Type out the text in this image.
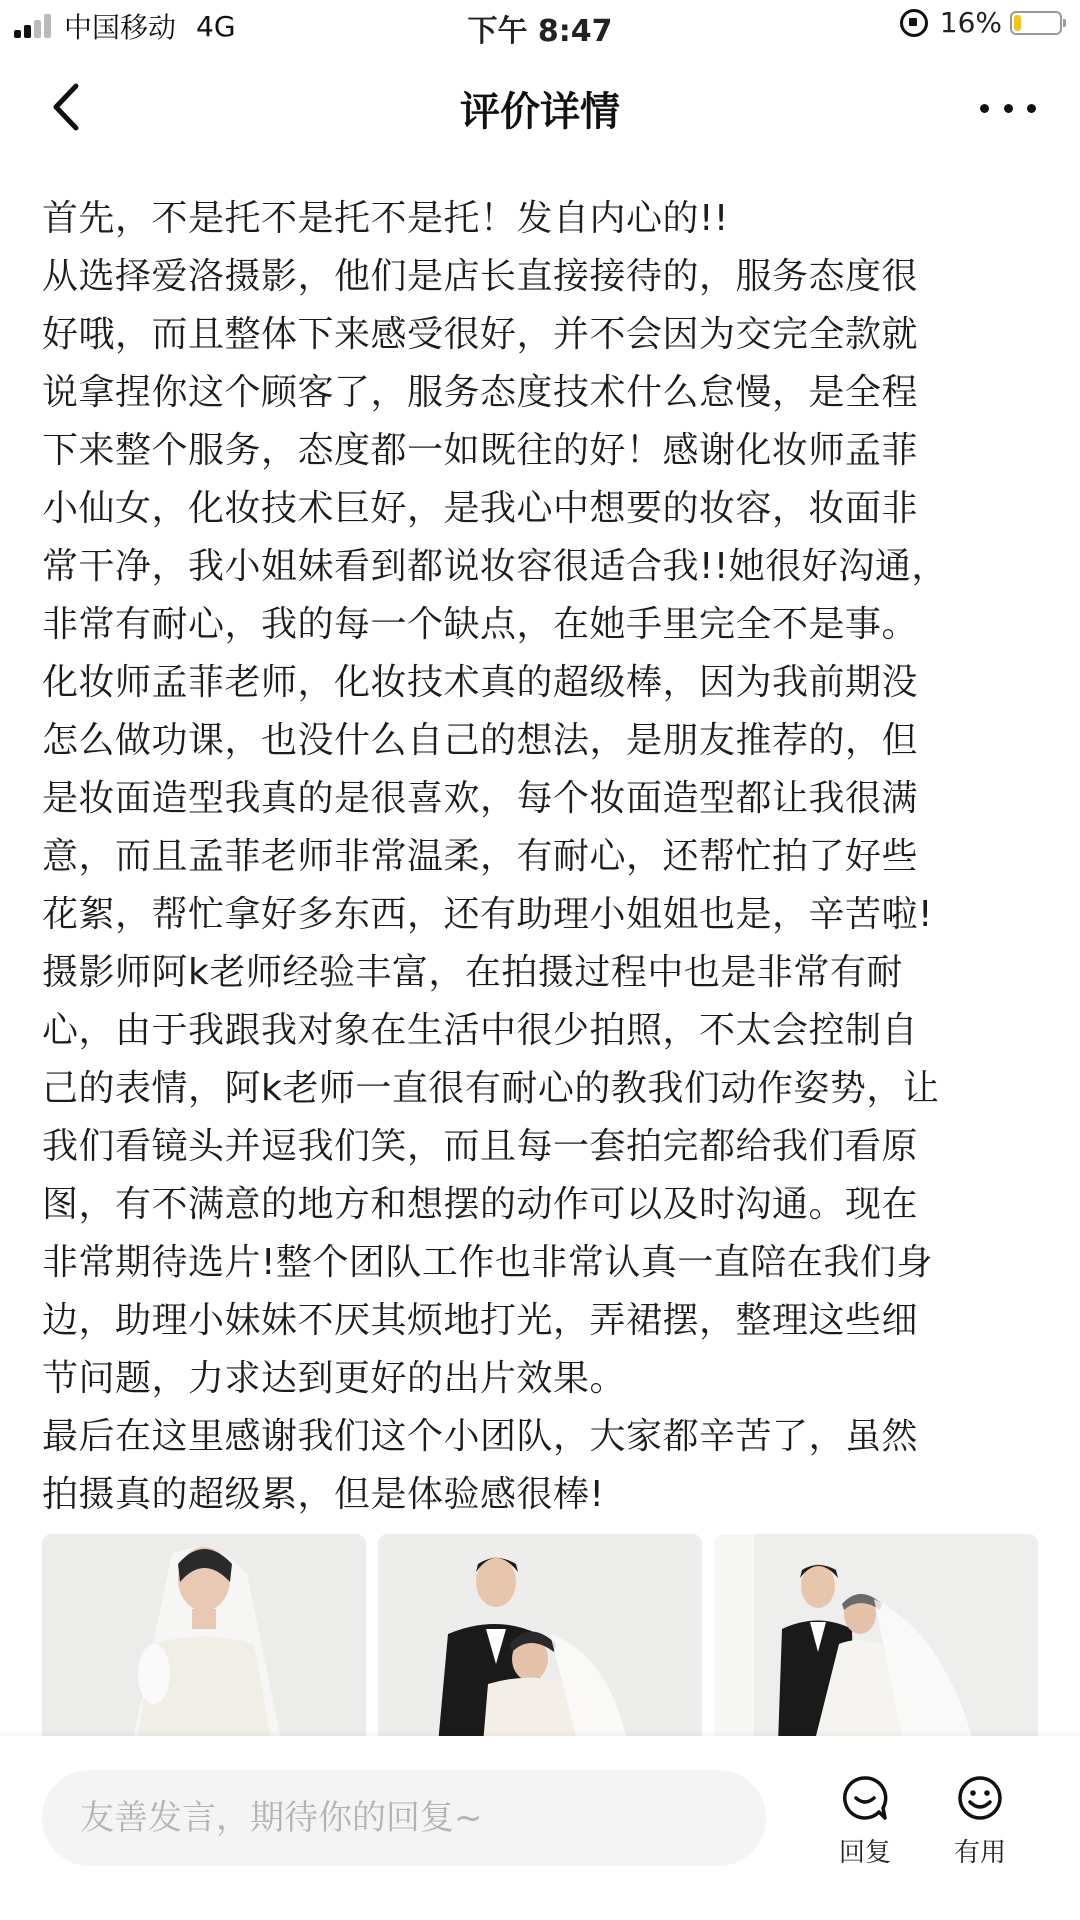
中国移动 4G	下午 8:47	16%
评价详情
首先，不是托不是托不是托！发自内心的!!
从选择爱洛摄影，他们是店长直接接待的，服务态度很
好哦，而且整体下来感受很好，并不会因为交完全款就
说拿捏你这个顾客了，服务态度技术什么怠慢，是全程
下来整个服务，态度都一如既往的好！感谢化妆师孟菲
小仙女，化妆技术巨好，是我心中想要的妆容，妆面非
常干净，我小姐妹看到都说妆容很适合我!!她很好沟通，
非常有耐心，我的每一个缺点，在她手里完全不是事。
化妆师孟菲老师，化妆技术真的超级棒，因为我前期没
怎么做功课，也没什么自己的想法，是朋友推荐的，但
是妆面造型我真的是很喜欢，每个妆面造型都让我很满
意，而且孟菲老师非常温柔，有耐心，还帮忙拍了好些
花絮，帮忙拿好多东西，还有助理小姐姐也是，辛苦啦!
摄影师阿k老师经验丰富，在拍摄过程中也是非常有耐
心，由于我跟我对象在生活中很少拍照，不太会控制自
己的表情，阿k老师一直很有耐心的教我们动作姿势，让
我们看镜头并逗我们笑，而且每一套拍完都给我们看原
图，有不满意的地方和想摆的动作可以及时沟通。现在
非常期待选片!整个团队工作也非常认真一直陪在我们身
边，助理小妹妹不厌其烦地打光，弄裙摆，整理这些细
节问题，力求达到更好的出片效果。
最后在这里感谢我们这个小团队，大家都辛苦了，虽然
拍摄真的超级累，但是体验感很棒!
友善发言，期待你的回复~
回复	有用
